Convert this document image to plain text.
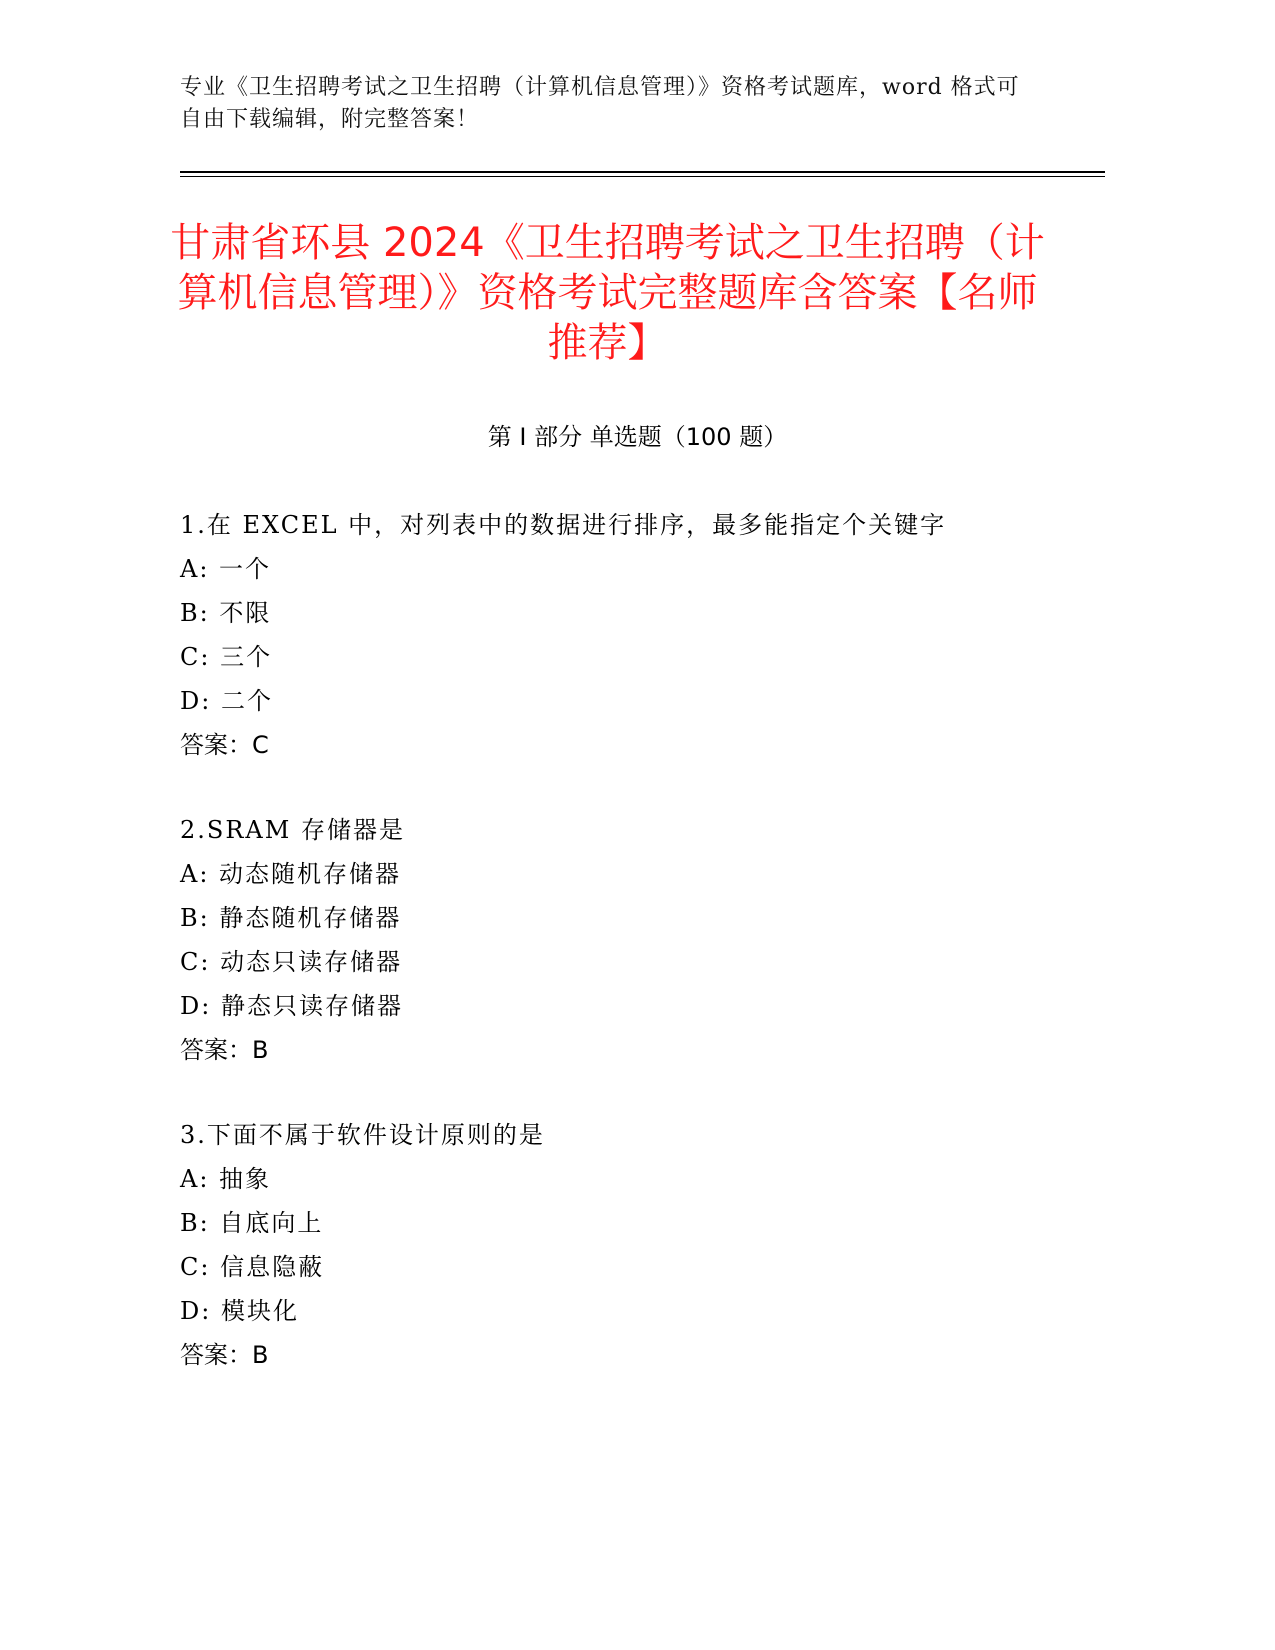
专业《卫生招聘考试之卫生招聘（计算机信息管理）》资格考试题库，word 格式可自由下载编辑，附完整答案！
甘肃省环县 2024《卫生招聘考试之卫生招聘（计算机信息管理）》资格考试完整题库含答案【名师推荐】
第 I 部分 单选题（100 题）
1.在 EXCEL 中，对列表中的数据进行排序，最多能指定个关键字
A: 一个
B: 不限
C: 三个
D: 二个
答案：C
2.SRAM 存储器是
A: 动态随机存储器
B: 静态随机存储器
C: 动态只读存储器
D: 静态只读存储器
答案：B
3.下面不属于软件设计原则的是
A: 抽象
B: 自底向上
C: 信息隐蔽
D: 模块化
答案：B
